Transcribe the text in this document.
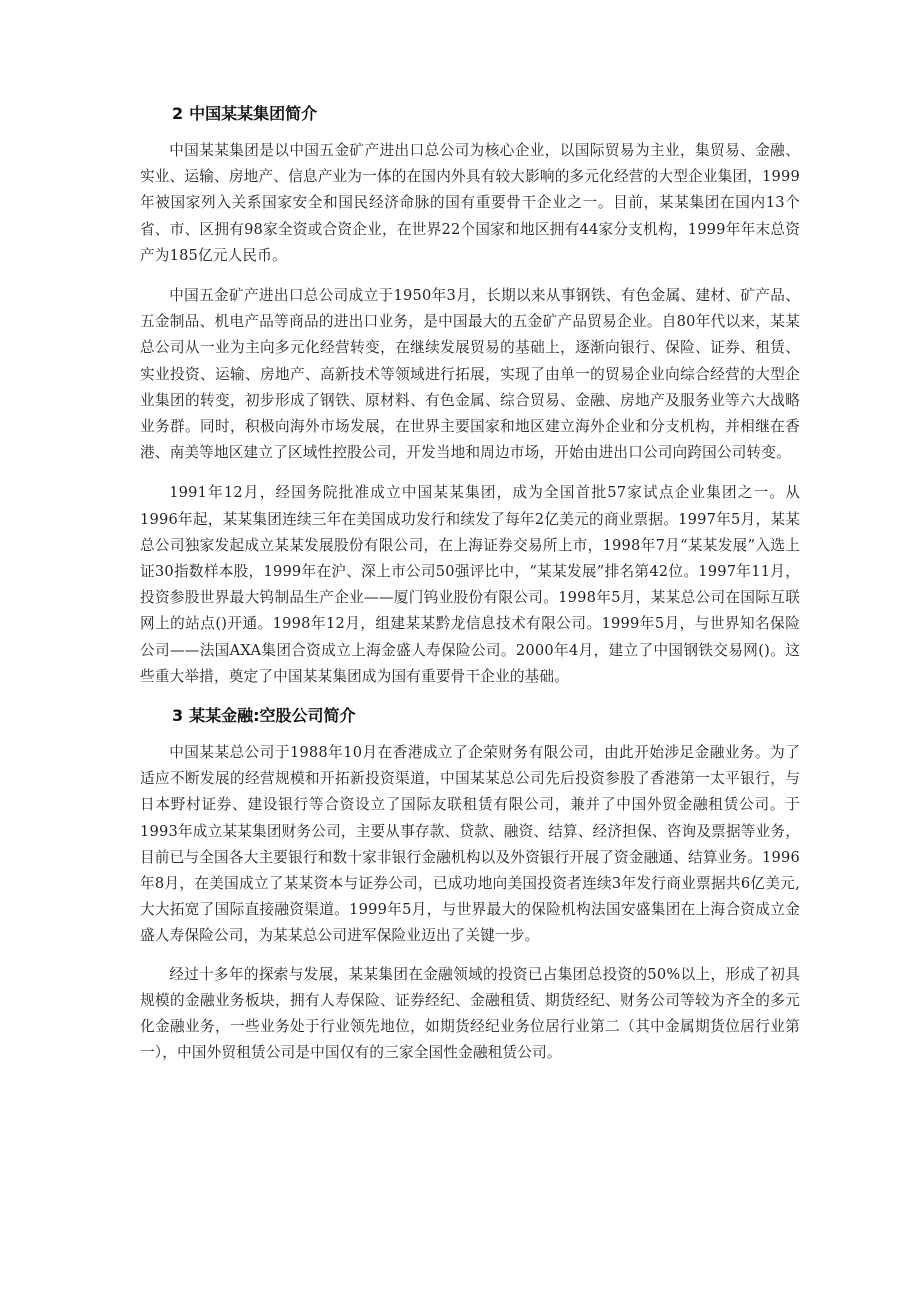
2 中国某某集团简介

中国某某集团是以中国五金矿产进出口总公司为核心企业，以国际贸易为主业，集贸易、金融、实业、运输、房地产、信息产业为一体的在国内外具有较大影响的多元化经营的大型企业集团，1999年被国家列入关系国家安全和国民经济命脉的国有重要骨干企业之一。目前，某某集团在国内13个省、市、区拥有98家全资或合资企业，在世界22个国家和地区拥有44家分支机构，1999年年末总资产为185亿元人民币。

中国五金矿产进出口总公司成立于1950年3月，长期以来从事钢铁、有色金属、建材、矿产品、五金制品、机电产品等商品的进出口业务，是中国最大的五金矿产品贸易企业。自80年代以来，某某总公司从一业为主向多元化经营转变，在继续发展贸易的基础上，逐渐向银行、保险、证券、租赁、实业投资、运输、房地产、高新技术等领域进行拓展，实现了由单一的贸易企业向综合经营的大型企业集团的转变，初步形成了钢铁、原材料、有色金属、综合贸易、金融、房地产及服务业等六大战略业务群。同时，积极向海外市场发展，在世界主要国家和地区建立海外企业和分支机构，并相继在香港、南美等地区建立了区域性控股公司，开发当地和周边市场，开始由进出口公司向跨国公司转变。

1991年12月，经国务院批准成立中国某某集团，成为全国首批57家试点企业集团之一。从1996年起，某某集团连续三年在美国成功发行和续发了每年2亿美元的商业票据。1997年5月，某某总公司独家发起成立某某发展股份有限公司，在上海证券交易所上市，1998年7月“某某发展”入选上证30指数样本股，1999年在沪、深上市公司50强评比中，“某某发展”排名第42位。1997年11月，投资参股世界最大钨制品生产企业——厦门钨业股份有限公司。1998年5月，某某总公司在国际互联网上的站点()开通。1998年12月，组建某某黔龙信息技术有限公司。1999年5月，与世界知名保险公司——法国AXA集团合资成立上海金盛人寿保险公司。2000年4月，建立了中国钢铁交易网()。这些重大举措，奠定了中国某某集团成为国有重要骨干企业的基础。

3 某某金融:空股公司简介

中国某某总公司于1988年10月在香港成立了企荣财务有限公司，由此开始涉足金融业务。为了适应不断发展的经营规模和开拓新投资渠道，中国某某总公司先后投资参股了香港第一太平银行，与日本野村证券、建设银行等合资设立了国际友联租赁有限公司，兼并了中国外贸金融租赁公司。于1993年成立某某集团财务公司，主要从事存款、贷款、融资、结算、经济担保、咨询及票据等业务，目前已与全国各大主要银行和数十家非银行金融机构以及外资银行开展了资金融通、结算业务。1996年8月，在美国成立了某某资本与证券公司，已成功地向美国投资者连续3年发行商业票据共6亿美元,大大拓宽了国际直接融资渠道。1999年5月，与世界最大的保险机构法国安盛集团在上海合资成立金盛人寿保险公司，为某某总公司进军保险业迈出了关键一步。

经过十多年的探索与发展，某某集团在金融领域的投资已占集团总投资的50%以上，形成了初具规模的金融业务板块，拥有人寿保险、证券经纪、金融租赁、期货经纪、财务公司等较为齐全的多元化金融业务，一些业务处于行业领先地位，如期货经纪业务位居行业第二（其中金属期货位居行业第一），中国外贸租赁公司是中国仅有的三家全国性金融租赁公司。
